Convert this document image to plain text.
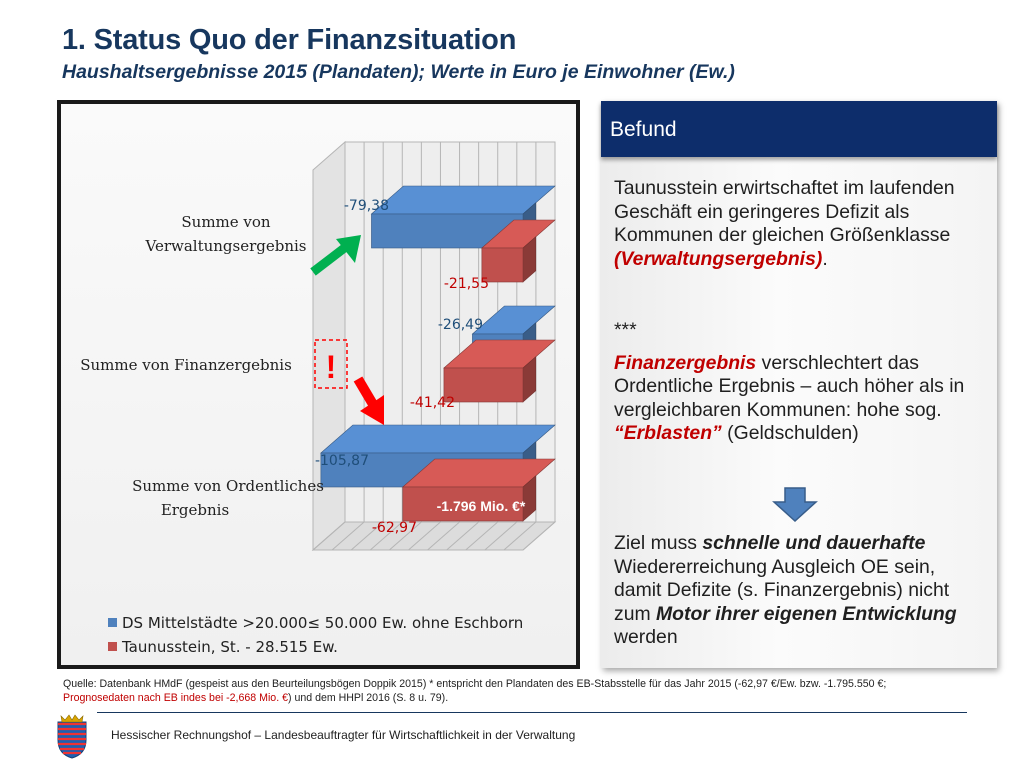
1. Status Quo der Finanzsituation
Haushaltsergebnisse 2015 (Plandaten); Werte in Euro je Einwohner (Ew.)
-79,38
-26,49
-105,87
-21,55
-41,42
-62,97
Summe von
Verwaltungsergebnis
Summe von Finanzergebnis
Summe von Ordentliches
Ergebnis
!
-1.796 Mio. €*
DS Mittelstädte >20.000≤ 50.000 Ew. ohne Eschborn
Taunusstein, St. - 28.515 Ew.
Befund
Taunusstein erwirtschaftet im laufenden Geschäft ein geringeres Defizit als Kommunen der gleichen Größenklasse (Verwaltungsergebnis).
***
Finanzergebnis verschlechtert das Ordentliche Ergebnis – auch höher als in vergleichbaren Kommunen: hohe sog. “Erblasten” (Geldschulden)
Ziel muss schnelle und dauerhafte Wiedererreichung Ausgleich OE sein, damit Defizite (s. Finanzergebnis) nicht zum Motor ihrer eigenen Entwicklung werden

Quelle: Datenbank HMdF (gespeist aus den Beurteilungsbögen Doppik 2015) * entspricht den Plandaten des EB-Stabsstelle für das Jahr 2015 (-62,97 €/Ew. bzw. -1.795.550 €;
Prognosedaten nach EB indes bei -2,668 Mio. €) und dem HHPl 2016 (S. 8 u. 79).

Hessischer Rechnungshof – Landesbeauftragter für Wirtschaftlichkeit in der Verwaltung
